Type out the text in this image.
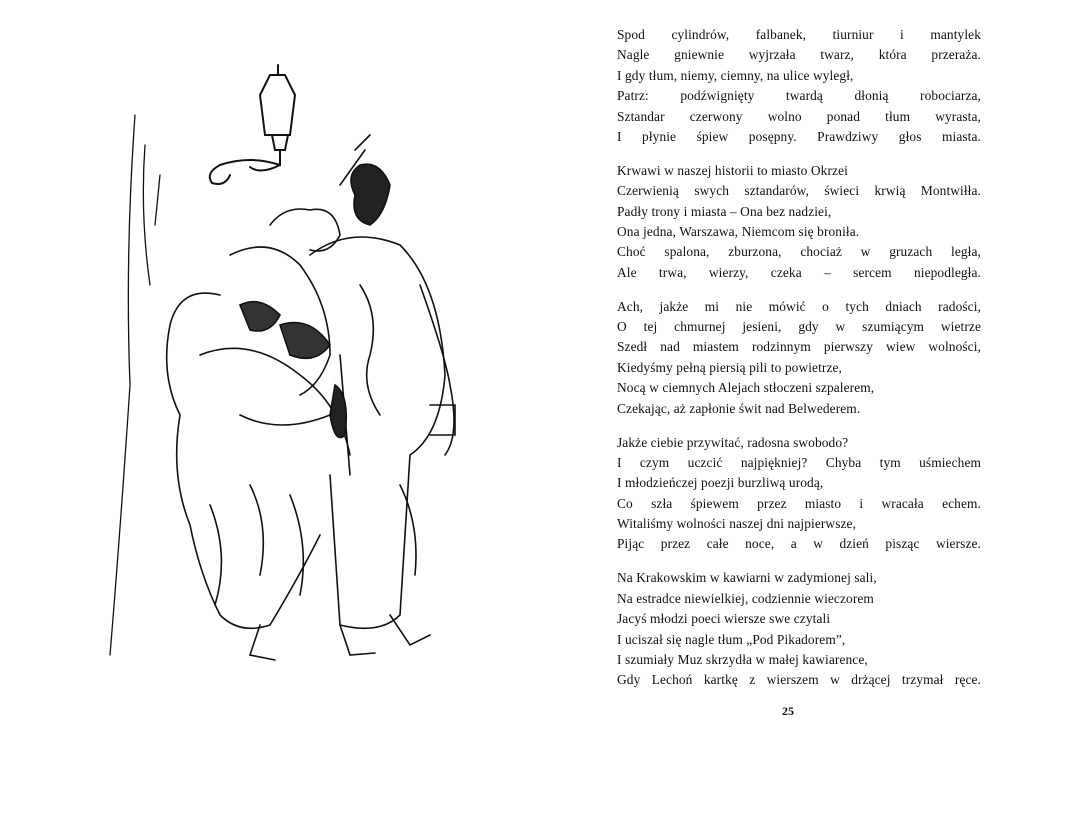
Spod cylindrów, falbanek, tiurniur i mantylek
Nagle gniewnie wyjrzała twarz, która przeraża.
I gdy tłum, niemy, ciemny, na ulice wyległ,
Patrz: podźwignięty twardą dłonią robociarza,
Sztandar czerwony wolno ponad tłum wyrasta,
I płynie śpiew posępny. Prawdziwy głos miasta.
Krwawi w naszej historii to miasto Okrzei
Czerwienią swych sztandarów, świeci krwią Montwiłła.
Padły trony i miasta – Ona bez nadziei,
Ona jedna, Warszawa, Niemcom się broniła.
Choć spalona, zburzona, chociaż w gruzach legła,
Ale trwa, wierzy, czeka – sercem niepodległa.
Ach, jakże mi nie mówić o tych dniach radości,
O tej chmurnej jesieni, gdy w szumiącym wietrze
Szedł nad miastem rodzinnym pierwszy wiew wolności,
Kiedyśmy pełną piersią pili to powietrze,
Nocą w ciemnych Alejach stłoczeni szpalerem,
Czekając, aż zapłonie świt nad Belwederem.
Jakże ciebie przywitać, radosna swobodo?
I czym uczcić najpiękniej? Chyba tym uśmiechem
I młodzieńczej poezji burzliwą urodą,
Co szła śpiewem przez miasto i wracała echem.
Witaliśmy wolności naszej dni najpierwsze,
Pijąc przez całe noce, a w dzień pisząc wiersze.
Na Krakowskim w kawiarni w zadymionej sali,
Na estradce niewielkiej, codziennie wieczorem
Jacyś młodzi poeci wiersze swe czytali
I uciszał się nagle tłum „Pod Pikadorem”,
I szumiały Muz skrzydła w małej kawiarence,
Gdy Lechoń kartkę z wierszem w drżącej trzymał ręce.
25
